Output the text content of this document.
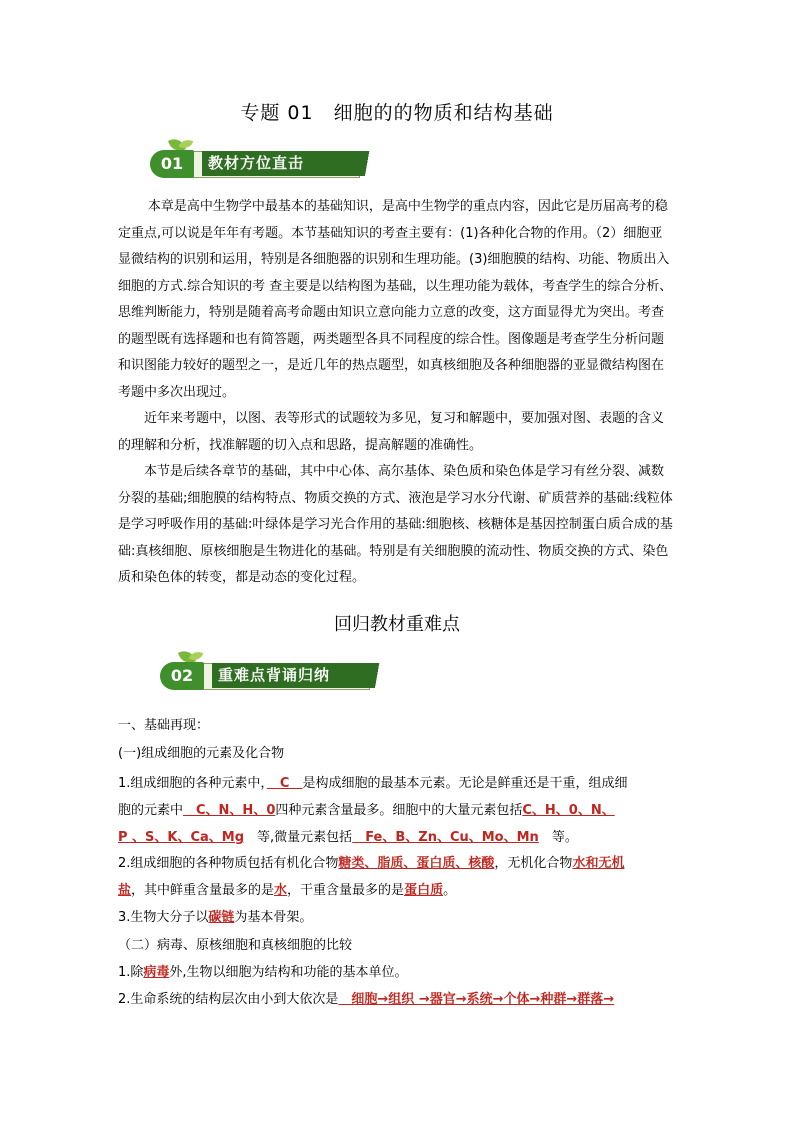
专题 01　细胞的的物质和结构基础
教材方位直击
01

本章是高中生物学中最基本的基础知识，是高中生物学的重点内容，因此它是历届高考的稳定重点,可以说是年年有考题。本节基础知识的考查主要有：(1)各种化合物的作用。（2）细胞亚显微结构的识别和运用，特别是各细胞器的识别和生理功能。(3)细胞膜的结构、功能、物质出入细胞的方式.综合知识的考 查主要是以结构图为基础，以生理功能为载体，考查学生的综合分析、思维判断能力，特别是随着高考命题由知识立意向能力立意的改变，这方面显得尤为突出。考查的题型既有选择题和也有简答题，两类题型各具不同程度的综合性。图像题是考查学生分析问题和识图能力较好的题型之一，是近几年的热点题型，如真核细胞及各种细胞器的亚显微结构图在考题中多次出现过。

近年来考题中，以图、表等形式的试题较为多见，复习和解题中，要加强对图、表题的含义的理解和分析，找准解题的切入点和思路，提高解题的准确性。

本节是后续各章节的基础，其中中心体、高尔基体、染色质和染色体是学习有丝分裂、减数分裂的基础;细胞膜的结构特点、物质交换的方式、液泡是学习水分代谢、矿质营养的基础:线粒体是学习呼吸作用的基础:叶绿体是学习光合作用的基础:细胞核、核糖体是基因控制蛋白质合成的基础:真核细胞、原核细胞是生物进化的基础。特别是有关细胞膜的流动性、物质交换的方式、染色质和染色体的转变，都是动态的变化过程。

回归教材重难点
重难点背诵归纳
02
一、基础再现：
(一)组成细胞的元素及化合物
1.组成细胞的各种元素中，　C　是构成细胞的最基本元素。无论是鲜重还是干重，组成细
胞的元素中　C、N、H、0四种元素含量最多。细胞中的大量元素包括C、H、0、N、
P 、S、K、Ca、Mg　等,微量元素包括　Fe、B、Zn、Cu、Mo、Mn　等。
2.组成细胞的各种物质包括有机化合物糖类、脂质、蛋白质、核酸，无机化合物水和无机
盐，其中鲜重含量最多的是水，干重含量最多的是蛋白质。
3.生物大分子以碳链为基本骨架。
（二）病毒、原核细胞和真核细胞的比较
1.除病毒外,生物以细胞为结构和功能的基本单位。
2.生命系统的结构层次由小到大依次是　细胞→组织 →器官→系统→个体→种群→群落→
